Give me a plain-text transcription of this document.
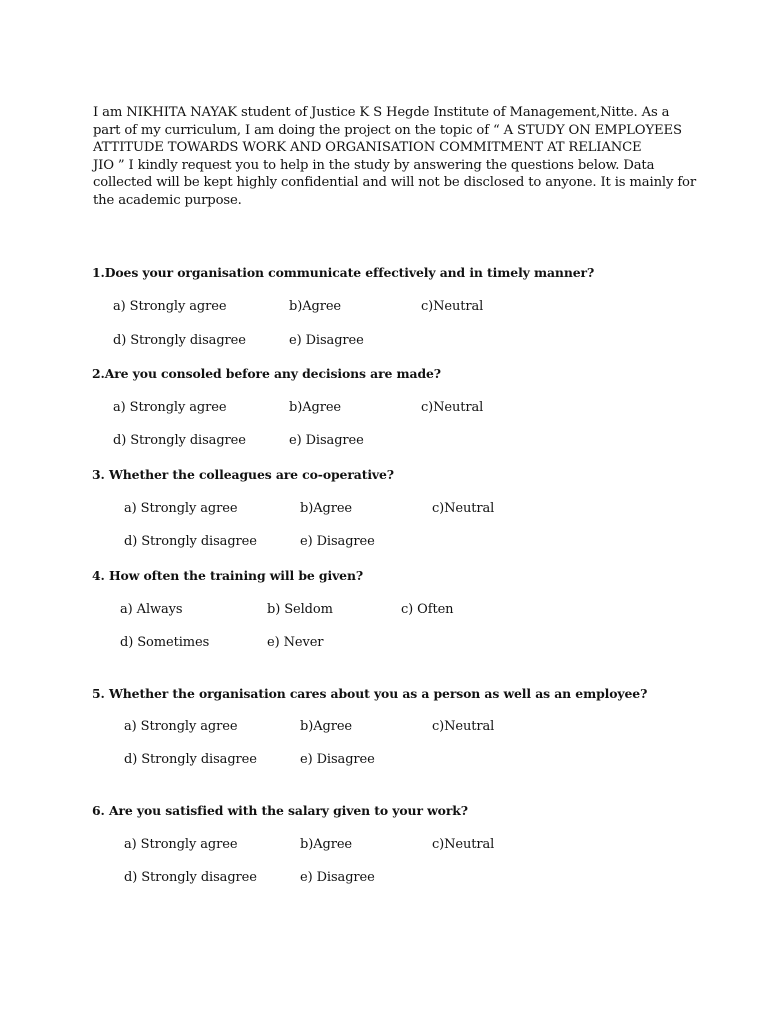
I am NIKHITA NAYAK student of Justice K S Hegde Institute of Management,Nitte. As a
part of my curriculum, I am doing the project on the topic of “ A STUDY ON EMPLOYEES
ATTITUDE TOWARDS WORK AND ORGANISATION COMMITMENT AT RELIANCE
JIO ” I kindly request you to help in the study by answering the questions below. Data
collected will be kept highly confidential and will not be disclosed to anyone. It is mainly for
the academic purpose.
1.Does your organisation communicate effectively and in timely manner?
a) Strongly agree	b)Agree	c)Neutral
d) Strongly disagree	e) Disagree
2.Are you consoled before any decisions are made?
a) Strongly agree	b)Agree	c)Neutral
d) Strongly disagree	e) Disagree
3. Whether the colleagues are co-operative?
a) Strongly agree	b)Agree	c)Neutral
d) Strongly disagree	e) Disagree
4. How often the training will be given?
a) Always	b) Seldom	c) Often
d) Sometimes	e) Never
5. Whether the organisation cares about you as a person as well as an employee?
a) Strongly agree	b)Agree	c)Neutral
d) Strongly disagree	e) Disagree
6. Are you satisfied with the salary given to your work?
a) Strongly agree	b)Agree	c)Neutral
d) Strongly disagree	e) Disagree
